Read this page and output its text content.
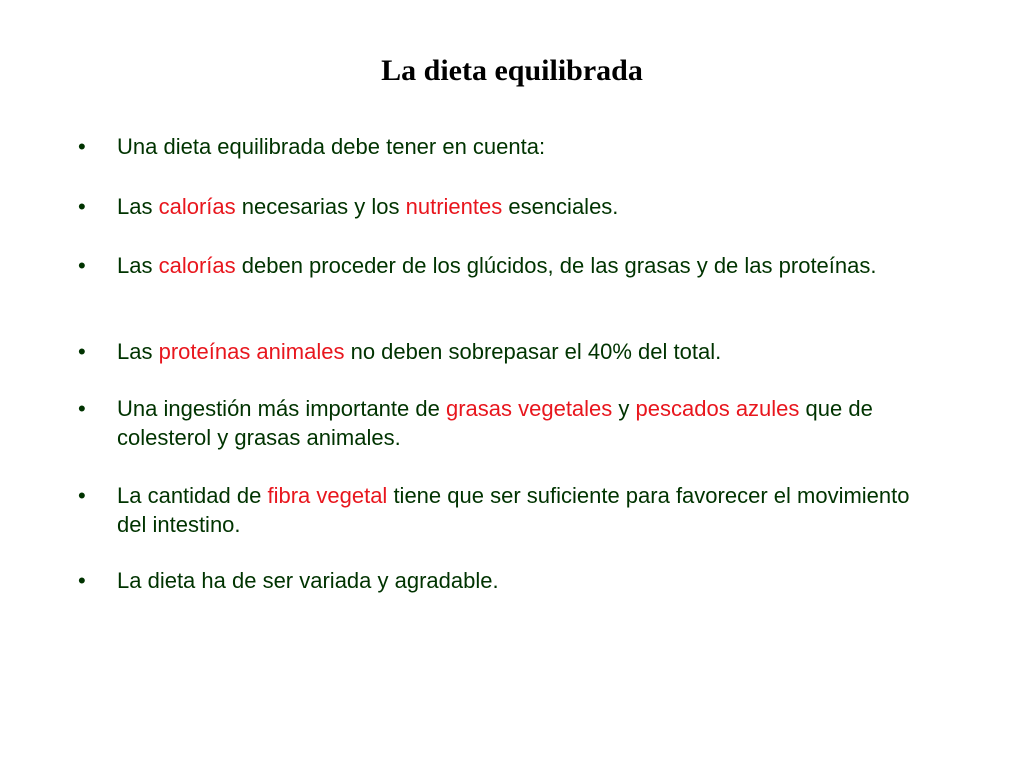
La dieta equilibrada
• Una dieta equilibrada debe tener en cuenta:
• Las calorías necesarias y los nutrientes esenciales.
• Las calorías deben proceder de los glúcidos, de las grasas y de las proteínas.
• Las proteínas animales no deben sobrepasar el 40% del total.
• Una ingestión más importante de grasas vegetales y pescados azules que de colesterol y grasas animales.
• La cantidad de fibra vegetal tiene que ser suficiente para favorecer el movimiento del intestino.
• La dieta ha de ser variada y agradable.
